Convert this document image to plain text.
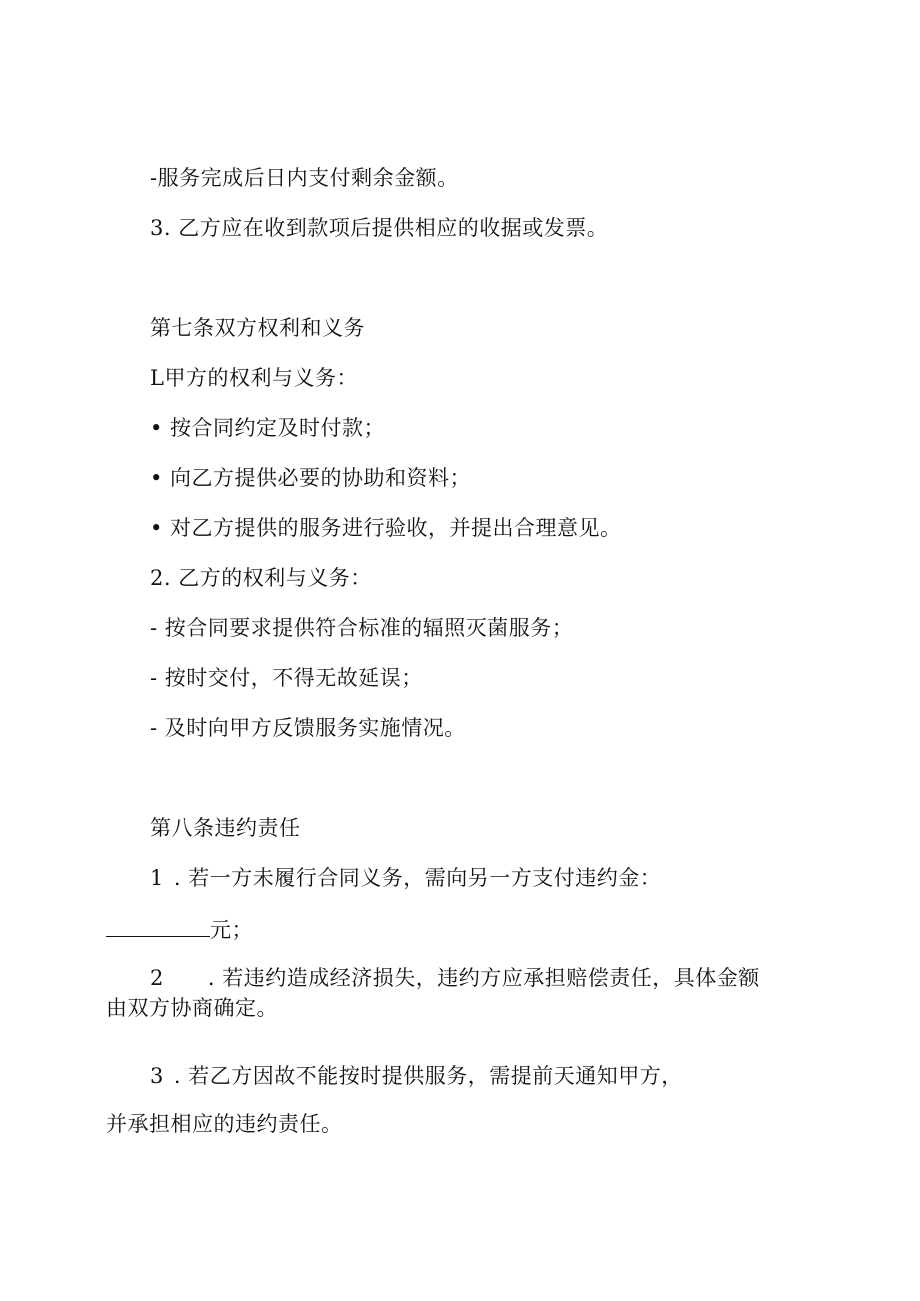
-服务完成后日内支付剩余金额。
3. 乙方应在收到款项后提供相应的收据或发票。
第七条双方权利和义务
L甲方的权利与义务：
• 按合同约定及时付款；
• 向乙方提供必要的协助和资料；
• 对乙方提供的服务进行验收，并提出合理意见。
2. 乙方的权利与义务：
- 按合同要求提供符合标准的辐照灭菌服务；
- 按时交付，不得无故延误；
- 及时向甲方反馈服务实施情况。
第八条违约责任
1 . 若一方未履行合同义务，需向另一方支付违约金：
元；
2 . 若违约造成经济损失，违约方应承担赔偿责任，具体金额
由双方协商确定。
3 . 若乙方因故不能按时提供服务，需提前天通知甲方，
并承担相应的违约责任。
